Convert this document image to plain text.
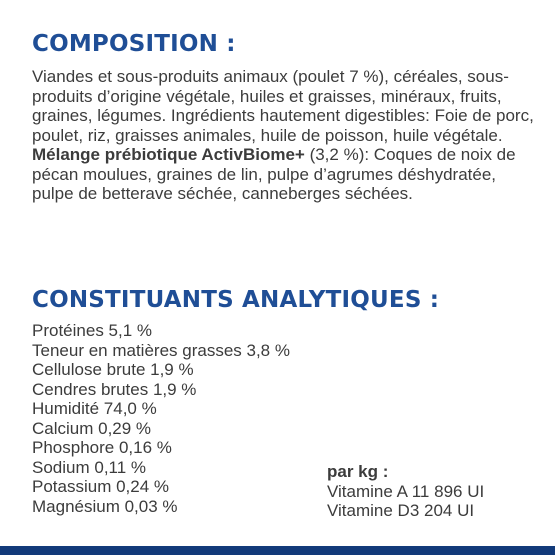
COMPOSITION :

Viandes et sous-produits animaux (poulet 7 %), céréales, sous-produits d’origine végétale, huiles et graisses, minéraux, fruits, graines, légumes. Ingrédients hautement digestibles: Foie de porc, poulet, riz, graisses animales, huile de poisson, huile végétale. Mélange prébiotique ActivBiome+ (3,2 %): Coques de noix de pécan moulues, graines de lin, pulpe d’agrumes déshydratée, pulpe de betterave séchée, canneberges séchées.

CONSTITUANTS ANALYTIQUES :
Protéines 5,1 %
Teneur en matières grasses 3,8 %
Cellulose brute 1,9 %
Cendres brutes 1,9 %
Humidité 74,0 %
Calcium 0,29 %
Phosphore 0,16 %
Sodium 0,11 %
Potassium 0,24 %
Magnésium 0,03 %
par kg :
Vitamine A 11 896 UI
Vitamine D3 204 UI
